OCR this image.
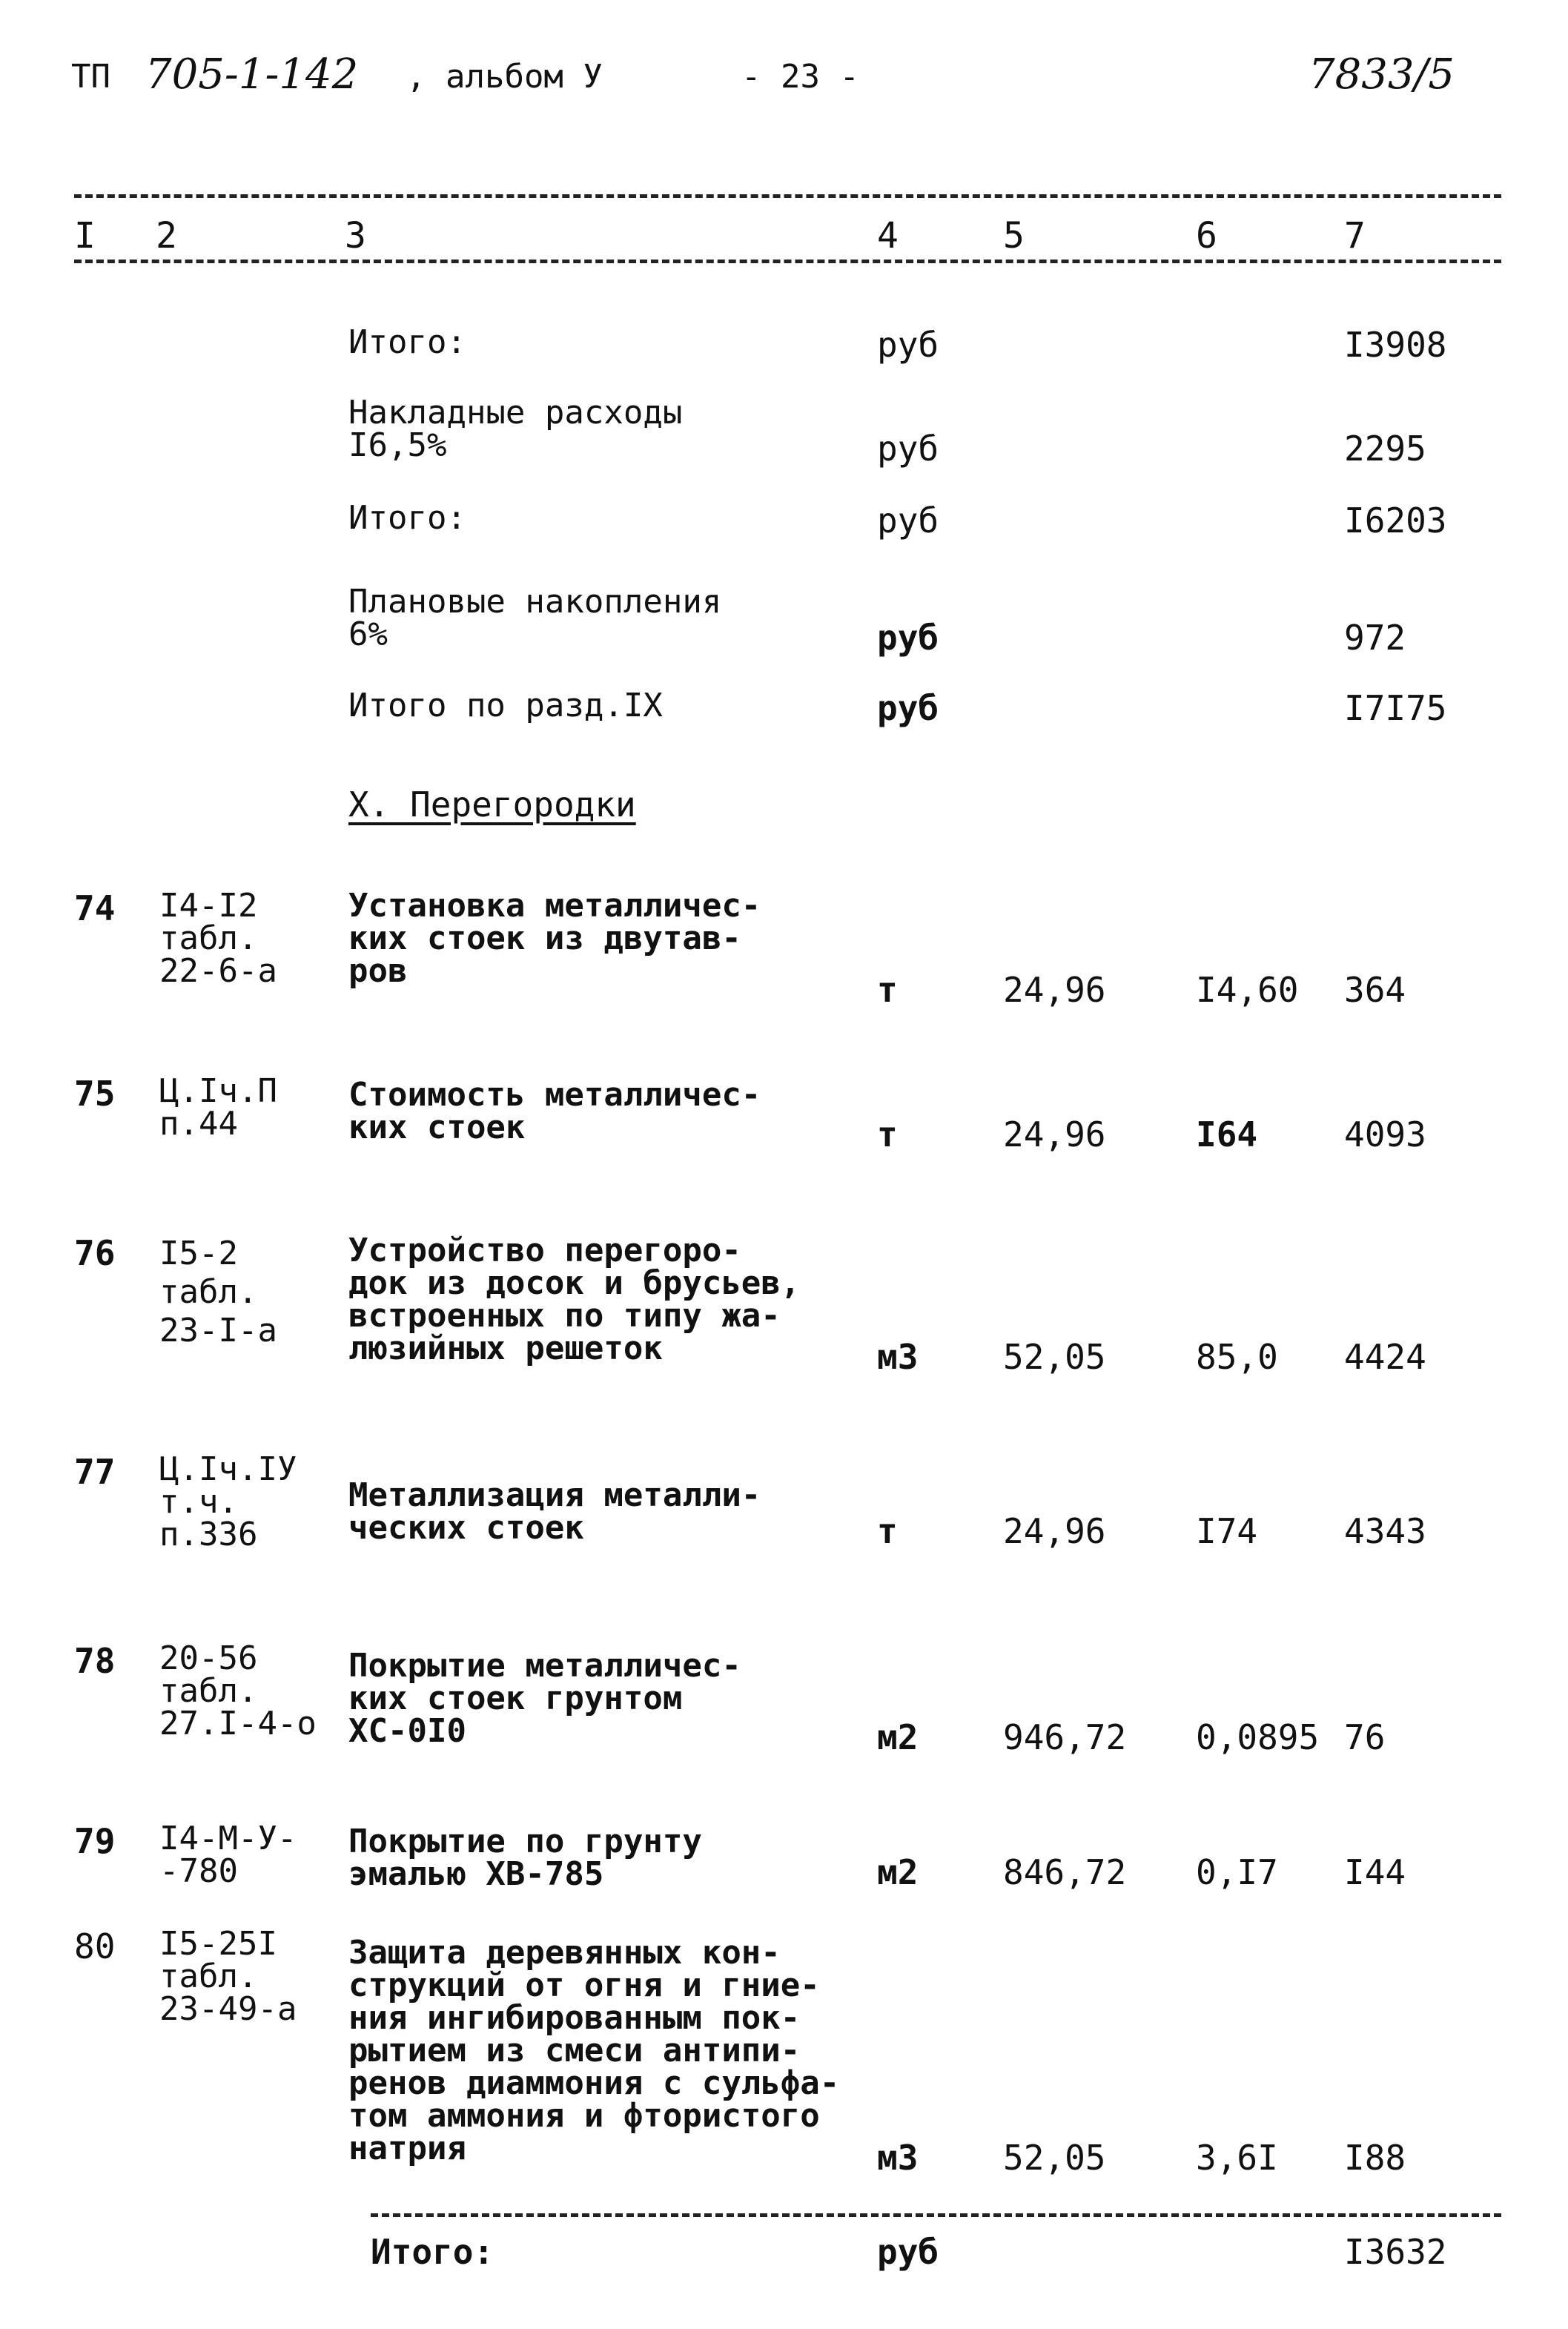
ТП 705-1-142 , альбом У	- 23 -	7833/5
I 2	3	4	5	6	7
Итого:	руб	I3908
Накладные расходы
I6,5%	руб	2295
Итого:	руб	I6203
Плановые накопления
6%	руб	972
Итого по разд.IX	руб	I7I75
Х. Перегородки
74 I4-I2
табл.
22-6-а
Установка металличес-
ких стоек из двутав-
ров	т	24,96	I4,60 364
75 Ц.Iч.П
п.44
Стоимость металличес-
ких стоек	т	24,96	I64	4093
76 I5-2
табл.
23-I-а
Устройство перегоро-
док из досок и брусьев,
встроенных по типу жа-
люзийных решеток	м3 52,05	85,0 4424
77 Ц.Iч.IУ
т.ч.
п.336
Металлизация металли-
ческих стоек	т	24,96	I74	4343
78 20-56
табл.
27.I-4-о
Покрытие металличес-
ких стоек грунтом
ХС-0I0	м2 946,72 0,0895 76
79 I4-М-У-
-780
Покрытие по грунту
эмалью ХВ-785	м2 846,72 0,I7 I44
80 I5-25I
табл.
23-49-а
Защита деревянных кон-
струкций от огня и гние-
ния ингибированным пок-
рытием из смеси антипи-
ренов диаммония с сульфа-
том аммония и фтористого
натрия	м3 52,05	3,6I I88
Итого:	руб	I3632
